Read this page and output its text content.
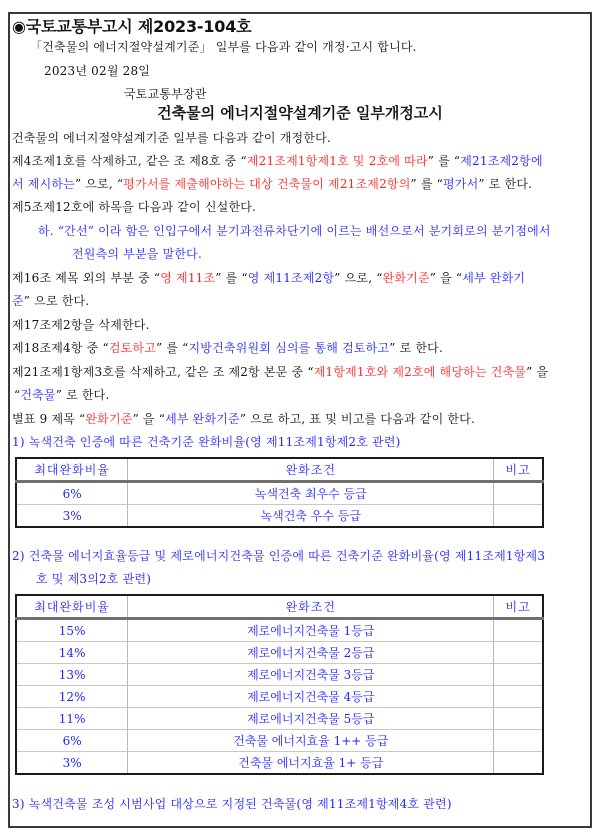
◉국토교통부고시 제2023-104호
「건축물의 에너지절약설계기준」 일부를 다음과 같이 개정·고시 합니다.
2023년 02월 28일
국토교통부장관
건축물의 에너지절약설계기준 일부개정고시
건축물의 에너지절약설계기준 일부를 다음과 같이 개정한다.
제4조제1호를 삭제하고, 같은 조 제8호 중 “제21조제1항제1호 및 2호에 따라” 를 “제21조제2항에
서 제시하는” 으로, “평가서를 제출해야하는 대상 건축물이 제21조제2항의” 를 “평가서” 로 한다.
제5조제12호에 하목을 다음과 같이 신설한다.
하. “간선” 이라 함은 인입구에서 분기과전류차단기에 이르는 배선으로서 분기회로의 분기점에서
전원측의 부분을 말한다.
제16조 제목 외의 부분 중 “영 제11조” 를 “영 제11조제2항” 으로, “완화기준” 을 “세부 완화기
준” 으로 한다.
제17조제2항을 삭제한다.
제18조제4항 중 “검토하고” 를 “지방건축위원회 심의를 통해 검토하고” 로 한다.
제21조제1항제3호를 삭제하고, 같은 조 제2항 본문 중 “제1항제1호와 제2호에 해당하는 건축물” 을
“건축물” 로 한다.
별표 9 제목 “완화기준” 을 “세부 완화기준” 으로 하고, 표 및 비고를 다음과 같이 한다.
1) 녹색건축 인증에 따른 건축기준 완화비율(영 제11조제1항제2호 관련)
최대완화비율	완화조건	비고
6%	녹색건축 최우수 등급	
3%	녹색건축 우수 등급	
2) 건축물 에너지효율등급 및 제로에너지건축물 인증에 따른 건축기준 완화비율(영 제11조제1항제3
호 및 제3의2호 관련)
최대완화비율	완화조건	비고
15%	제로에너지건축물 1등급	
14%	제로에너지건축물 2등급	
13%	제로에너지건축물 3등급	
12%	제로에너지건축물 4등급	
11%	제로에너지건축물 5등급	
6%	건축물 에너지효율 1++ 등급	
3%	건축물 에너지효율 1+ 등급	
3) 녹색건축물 조성 시범사업 대상으로 지정된 건축물(영 제11조제1항제4호 관련)
